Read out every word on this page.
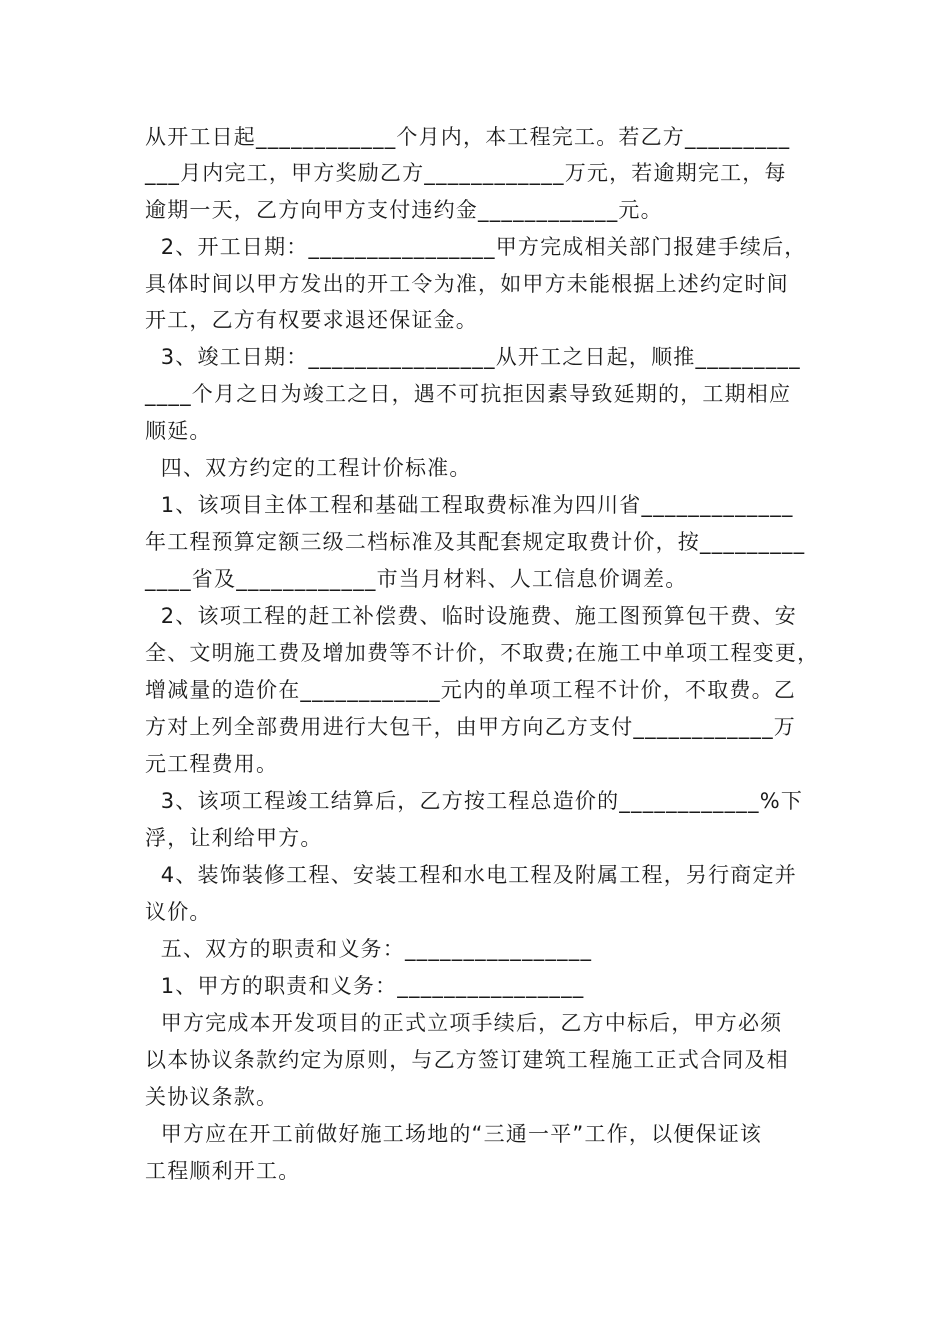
从开工日起____________个月内，本工程完工。若乙方_________
___月内完工，甲方奖励乙方____________万元，若逾期完工，每
逾期一天，乙方向甲方支付违约金____________元。
2、开工日期：________________甲方完成相关部门报建手续后，
具体时间以甲方发出的开工令为准，如甲方未能根据上述约定时间
开工，乙方有权要求退还保证金。
3、竣工日期：________________从开工之日起，顺推_________
____个月之日为竣工之日，遇不可抗拒因素导致延期的，工期相应
顺延。
四、双方约定的工程计价标准。
1、该项目主体工程和基础工程取费标准为四川省_____________
年工程预算定额三级二档标准及其配套规定取费计价，按_________
____省及____________市当月材料、人工信息价调差。
2、该项工程的赶工补偿费、临时设施费、施工图预算包干费、安
全、文明施工费及增加费等不计价，不取费;在施工中单项工程变更，
增减量的造价在____________元内的单项工程不计价，不取费。乙
方对上列全部费用进行大包干，由甲方向乙方支付____________万
元工程费用。
3、该项工程竣工结算后，乙方按工程总造价的____________%下
浮，让利给甲方。
4、装饰装修工程、安装工程和水电工程及附属工程，另行商定并
议价。
五、双方的职责和义务：________________
1、甲方的职责和义务：________________
甲方完成本开发项目的正式立项手续后，乙方中标后，甲方必须
以本协议条款约定为原则，与乙方签订建筑工程施工正式合同及相
关协议条款。
甲方应在开工前做好施工场地的“三通一平”工作，以便保证该
工程顺利开工。
